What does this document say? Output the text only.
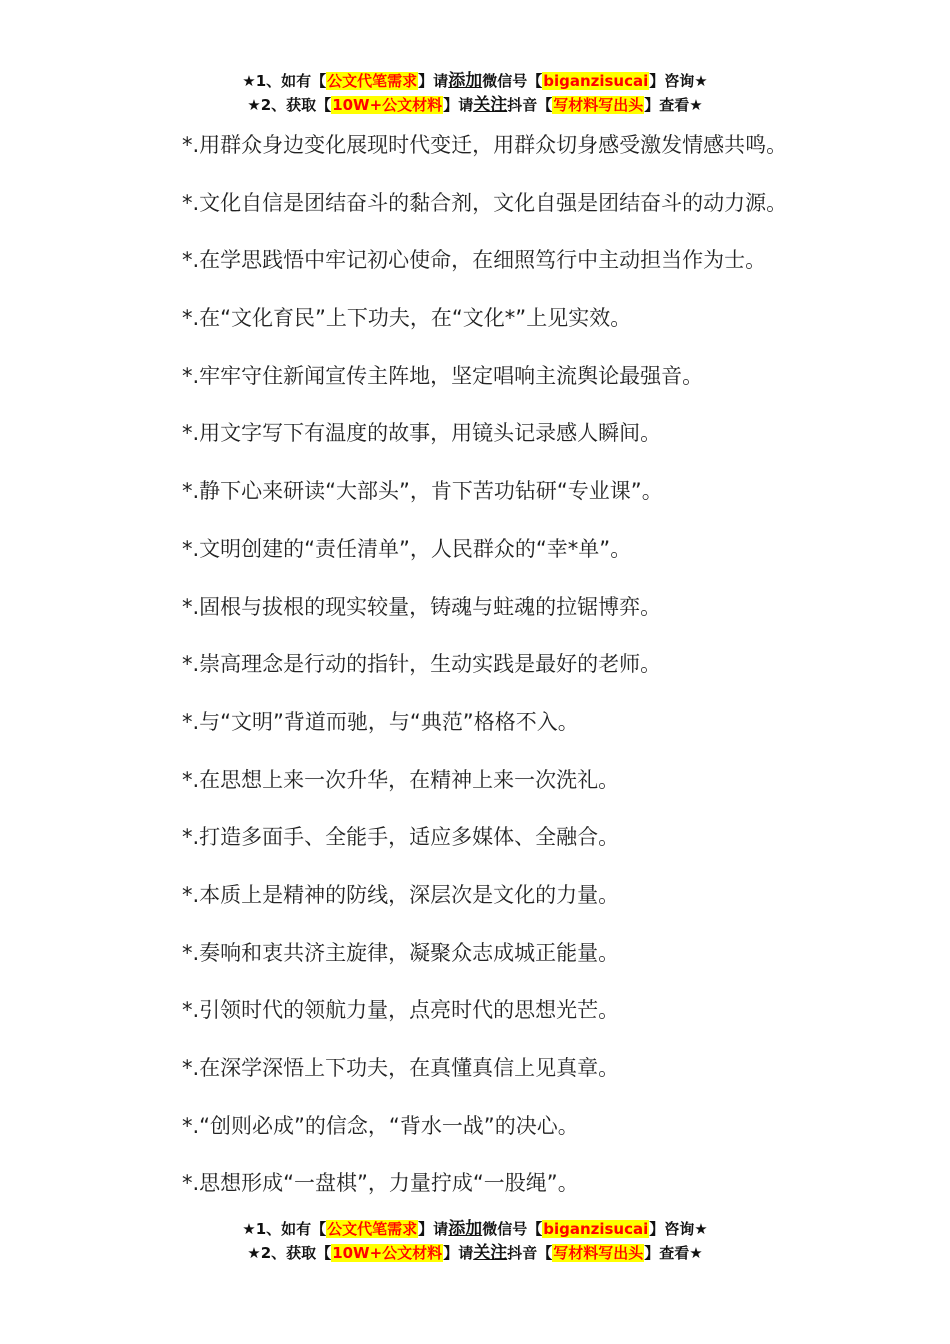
★1、如有【公文代笔需求】请添加微信号【biganzisucai】咨询★
★2、获取【10W+公文材料】请关注抖音【写材料写出头】查看★
*.用群众身边变化展现时代变迁，用群众切身感受激发情感共鸣。
*.文化自信是团结奋斗的黏合剂，文化自强是团结奋斗的动力源。
*.在学思践悟中牢记初心使命，在细照笃行中主动担当作为士。
*.在“文化育民”上下功夫，在“文化*”上见实效。
*.牢牢守住新闻宣传主阵地，坚定唱响主流舆论最强音。
*.用文字写下有温度的故事，用镜头记录感人瞬间。
*.静下心来研读“大部头”，肯下苦功钻研“专业课”。
*.文明创建的“责任清单”，人民群众的“幸*单”。
*.固根与拔根的现实较量，铸魂与蛀魂的拉锯博弈。
*.崇高理念是行动的指针，生动实践是最好的老师。
*.与“文明”背道而驰，与“典范”格格不入。
*.在思想上来一次升华，在精神上来一次洗礼。
*.打造多面手、全能手，适应多媒体、全融合。
*.本质上是精神的防线，深层次是文化的力量。
*.奏响和衷共济主旋律，凝聚众志成城正能量。
*.引领时代的领航力量，点亮时代的思想光芒。
*.在深学深悟上下功夫，在真懂真信上见真章。
*.“创则必成”的信念，“背水一战”的决心。
*.思想形成“一盘棋”，力量拧成“一股绳”。
★1、如有【公文代笔需求】请添加微信号【biganzisucai】咨询★
★2、获取【10W+公文材料】请关注抖音【写材料写出头】查看★
